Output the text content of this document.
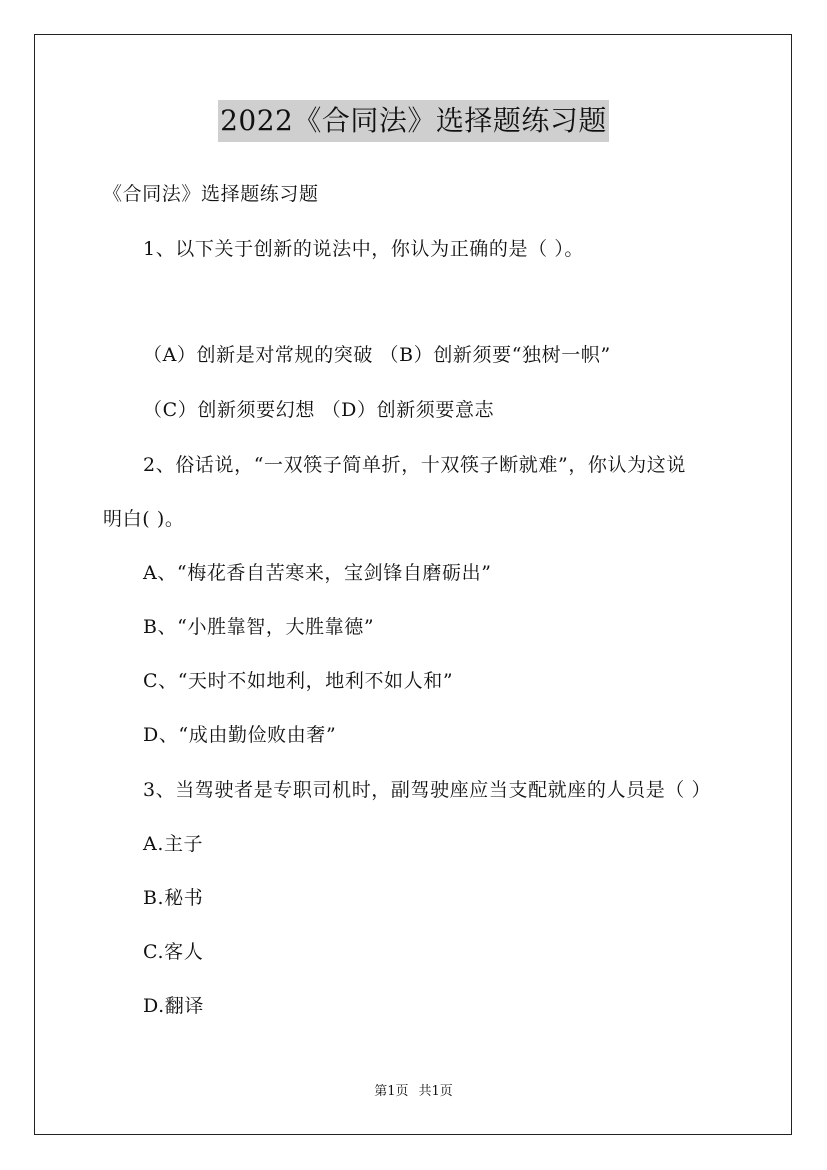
2022《合同法》选择题练习题
《合同法》选择题练习题
1、以下关于创新的说法中，你认为正确的是（ ）。
（A）创新是对常规的突破 （B）创新须要“独树一帜”
（C）创新须要幻想 （D）创新须要意志
2、俗话说，“一双筷子简单折，十双筷子断就难”，你认为这说
明白( )。
A、“梅花香自苦寒来，宝剑锋自磨砺出”
B、“小胜靠智，大胜靠德”
C、“天时不如地利，地利不如人和”
D、“成由勤俭败由奢”
3、当驾驶者是专职司机时，副驾驶座应当支配就座的人员是（ ）
A.主子
B.秘书
C.客人
D.翻译
第1页 共1页
